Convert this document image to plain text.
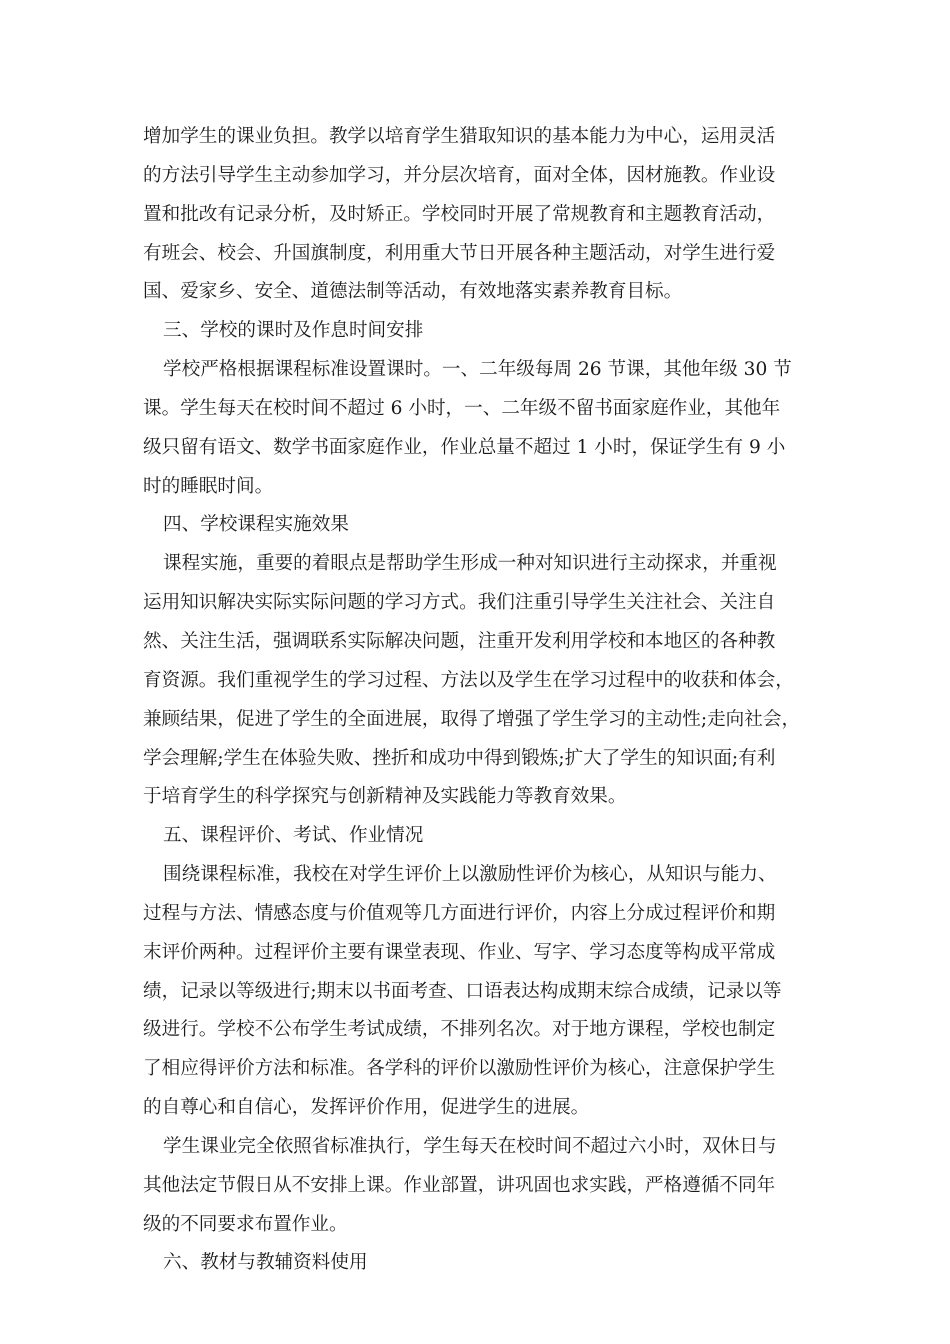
增加学生的课业负担。教学以培育学生猎取知识的基本能力为中心，运用灵活

的方法引导学生主动参加学习，并分层次培育，面对全体，因材施教。作业设

置和批改有记录分析，及时矫正。学校同时开展了常规教育和主题教育活动，

有班会、校会、升国旗制度，利用重大节日开展各种主题活动，对学生进行爱

国、爱家乡、安全、道德法制等活动，有效地落实素养教育目标。

三、学校的课时及作息时间安排

学校严格根据课程标准设置课时。一、二年级每周 26 节课，其他年级 30 节

课。学生每天在校时间不超过 6 小时，一、二年级不留书面家庭作业，其他年

级只留有语文、数学书面家庭作业，作业总量不超过 1 小时，保证学生有 9 小

时的睡眠时间。

四、学校课程实施效果

课程实施，重要的着眼点是帮助学生形成一种对知识进行主动探求，并重视

运用知识解决实际实际问题的学习方式。我们注重引导学生关注社会、关注自

然、关注生活，强调联系实际解决问题，注重开发利用学校和本地区的各种教

育资源。我们重视学生的学习过程、方法以及学生在学习过程中的收获和体会，

兼顾结果，促进了学生的全面进展，取得了增强了学生学习的主动性;走向社会，

学会理解;学生在体验失败、挫折和成功中得到锻炼;扩大了学生的知识面;有利

于培育学生的科学探究与创新精神及实践能力等教育效果。

五、课程评价、考试、作业情况

围绕课程标准，我校在对学生评价上以激励性评价为核心，从知识与能力、

过程与方法、情感态度与价值观等几方面进行评价，内容上分成过程评价和期

末评价两种。过程评价主要有课堂表现、作业、写字、学习态度等构成平常成

绩，记录以等级进行;期末以书面考查、口语表达构成期末综合成绩，记录以等

级进行。学校不公布学生考试成绩，不排列名次。对于地方课程，学校也制定

了相应得评价方法和标准。各学科的评价以激励性评价为核心，注意保护学生

的自尊心和自信心，发挥评价作用，促进学生的进展。

学生课业完全依照省标准执行，学生每天在校时间不超过六小时，双休日与

其他法定节假日从不安排上课。作业部置，讲巩固也求实践，严格遵循不同年

级的不同要求布置作业。

六、教材与教辅资料使用
